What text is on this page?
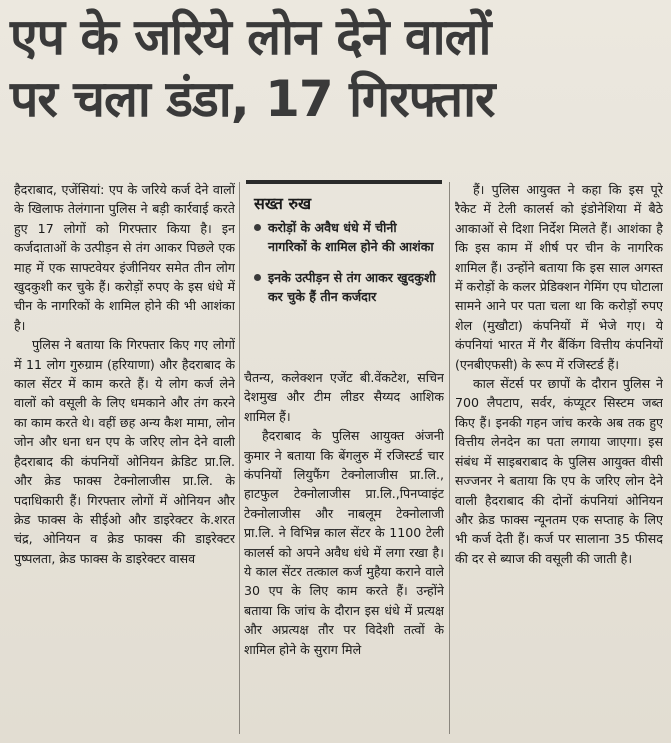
एप के जरिये लोन देने वालों
पर चला डंडा, 17 गिरफ्तार

हैदराबाद, एजेंसियां: एप के जरिये कर्ज देने वालों के खिलाफ तेलंगाना पुलिस ने बड़ी कार्रवाई करते हुए 17 लोगों को गिरफ्तार किया है। इन कर्जदाताओं के उत्पीड़न से तंग आकर पिछले एक माह में एक साफ्टवेयर इंजीनियर समेत तीन लोग खुदकुशी कर चुके हैं। करोड़ों रुपए के इस धंधे में चीन के नागरिकों के शामिल होने की भी आशंका है।

पुलिस ने बताया कि गिरफ्तार किए गए लोगों में 11 लोग गुरुग्राम (हरियाणा) और हैदराबाद के काल सेंटर में काम करते हैं। ये लोग कर्ज लेने वालों को वसूली के लिए धमकाने और तंग करने का काम करते थे। वहीं छह अन्य कैश मामा, लोन जोन और धना धन एप के जरिए लोन देने वाली हैदराबाद की कंपनियों ओनियन क्रेडिट प्रा.लि. और क्रेड फाक्स टेक्नोलाजीस प्रा.लि. के पदाधिकारी हैं। गिरफ्तार लोगों में ओनियन और क्रेड फाक्स के सीईओ और डाइरेक्टर के.शरत चंद्र, ओनियन व क्रेड फाक्स की डाइरेक्टर पुष्पलता, क्रेड फाक्स के डाइरेक्टर वासव

सख्त रुख
करोड़ों के अवैध धंधे में चीनी नागरिकों के शामिल होने की आशंका
इनके उत्पीड़न से तंग आकर खुदकुशी कर चुके हैं तीन कर्जदार

चैतन्य, कलेक्शन एजेंट बी.वेंकटेश, सचिन देशमुख और टीम लीडर सैय्यद आशिक शामिल हैं।

हैदराबाद के पुलिस आयुक्त अंजनी कुमार ने बताया कि बेंगलुरु में रजिस्टर्ड चार कंपनियों लियुफैंग टेक्नोलाजीस प्रा.लि., हाटफुल टेक्नोलाजीस प्रा.लि.,पिनप्वाइंट टेक्नोलाजीस और नाबलूम टेक्नोलाजी प्रा.लि. ने विभिन्न काल सेंटर के 1100 टेली कालर्स को अपने अवैध धंधे में लगा रखा है। ये काल सेंटर तत्काल कर्ज मुहैया कराने वाले 30 एप के लिए काम करते हैं। उन्होंने बताया कि जांच के दौरान इस धंधे में प्रत्यक्ष और अप्रत्यक्ष तौर पर विदेशी तत्वों के शामिल होने के सुराग मिले

हैं। पुलिस आयुक्त ने कहा कि इस पूरे रैकेट में टेली कालर्स को इंडोनेशिया में बैठे आकाओं से दिशा निर्देश मिलते हैं। आशंका है कि इस काम में शीर्ष पर चीन के नागरिक शामिल हैं। उन्होंने बताया कि इस साल अगस्त में करोड़ों के कलर प्रेडिक्शन गेमिंग एप घोटाला सामने आने पर पता चला था कि करोड़ों रुपए शेल (मुखौटा) कंपनियों में भेजे गए। ये कंपनियां भारत में गैर बैंकिंग वित्तीय कंपनियों (एनबीएफसी) के रूप में रजिस्टर्ड हैं।

काल सेंटर्स पर छापों के दौरान पुलिस ने 700 लैपटाप, सर्वर, कंप्यूटर सिस्टम जब्त किए हैं। इनकी गहन जांच करके अब तक हुए वित्तीय लेनदेन का पता लगाया जाएगा। इस संबंध में साइबराबाद के पुलिस आयुक्त वीसी सज्जनर ने बताया कि एप के जरिए लोन देने वाली हैदराबाद की दोनों कंपनियां ओनियन और क्रेड फाक्स न्यूनतम एक सप्ताह के लिए भी कर्ज देती हैं। कर्ज पर सालाना 35 फीसद की दर से ब्याज की वसूली की जाती है।
